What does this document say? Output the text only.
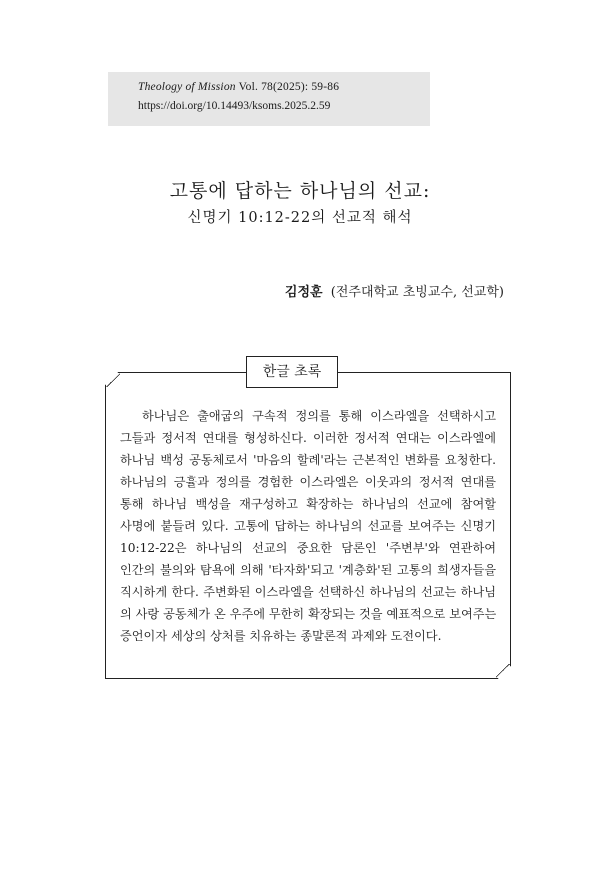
Theology of Mission Vol. 78(2025): 59-86
https://doi.org/10.14493/ksoms.2025.2.59
고통에 답하는 하나님의 선교:
신명기 10:12-22의 선교적 해석
김정훈 (전주대학교 초빙교수, 선교학)
한글 초록
하나님은 출애굽의 구속적 정의를 통해 이스라엘을 선택하시고
그들과 정서적 연대를 형성하신다. 이러한 정서적 연대는 이스라엘에
하나님 백성 공동체로서 '마음의 할례'라는 근본적인 변화를 요청한다.
하나님의 긍휼과 정의를 경험한 이스라엘은 이웃과의 정서적 연대를
통해 하나님 백성을 재구성하고 확장하는 하나님의 선교에 참여할
사명에 붙들려 있다. 고통에 답하는 하나님의 선교를 보여주는 신명기
10:12-22은 하나님의 선교의 중요한 담론인 '주변부'와 연관하여
인간의 불의와 탐욕에 의해 '타자화'되고 '계층화'된 고통의 희생자들을
직시하게 한다. 주변화된 이스라엘을 선택하신 하나님의 선교는 하나님
의 사랑 공동체가 온 우주에 무한히 확장되는 것을 예표적으로 보여주는
증언이자 세상의 상처를 치유하는 종말론적 과제와 도전이다.
